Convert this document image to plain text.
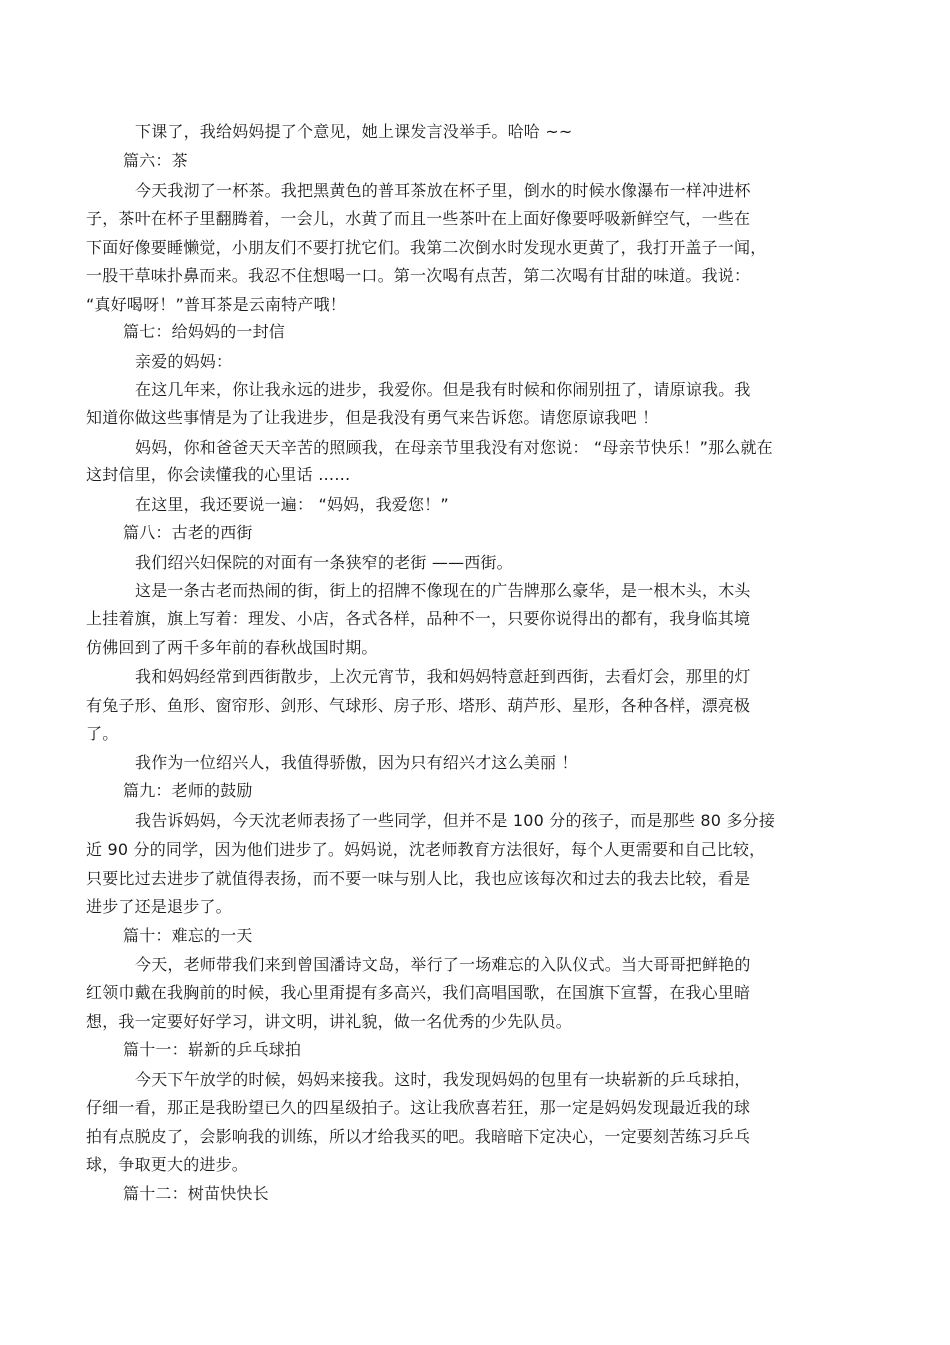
下课了，我给妈妈提了个意见，她上课发言没举手。哈哈 ~~
篇六：茶
今天我沏了一杯茶。我把黑黄色的普耳茶放在杯子里，倒水的时候水像瀑布一样冲进杯
子，茶叶在杯子里翻腾着，一会儿，水黄了而且一些茶叶在上面好像要呼吸新鲜空气，一些在
下面好像要睡懒觉，小朋友们不要打扰它们。我第二次倒水时发现水更黄了，我打开盖子一闻，
一股干草味扑鼻而来。我忍不住想喝一口。第一次喝有点苦，第二次喝有甘甜的味道。我说：
“真好喝呀！”普耳茶是云南特产哦！
篇七：给妈妈的一封信
亲爱的妈妈：
在这几年来，你让我永远的进步，我爱你。但是我有时候和你闹别扭了，请原谅我。我
知道你做这些事情是为了让我进步，但是我没有勇气来告诉您。请您原谅我吧 ！
妈妈，你和爸爸天天辛苦的照顾我，在母亲节里我没有对您说： “母亲节快乐！”那么就在
这封信里，你会读懂我的心里话 ……
在这里，我还要说一遍： “妈妈，我爱您！”
篇八：古老的西街
我们绍兴妇保院的对面有一条狭窄的老街 ——西街。
这是一条古老而热闹的街，街上的招牌不像现在的广告牌那么豪华，是一根木头，木头
上挂着旗，旗上写着：理发、小店，各式各样，品种不一，只要你说得出的都有，我身临其境
仿佛回到了两千多年前的春秋战国时期。
我和妈妈经常到西街散步，上次元宵节，我和妈妈特意赶到西街，去看灯会，那里的灯
有兔子形、鱼形、窗帘形、剑形、气球形、房子形、塔形、葫芦形、星形，各种各样，漂亮极
了。
我作为一位绍兴人，我值得骄傲，因为只有绍兴才这么美丽 ！
篇九：老师的鼓励
我告诉妈妈，今天沈老师表扬了一些同学，但并不是 100 分的孩子，而是那些 80 多分接
近 90 分的同学，因为他们进步了。妈妈说，沈老师教育方法很好，每个人更需要和自己比较，
只要比过去进步了就值得表扬，而不要一味与别人比，我也应该每次和过去的我去比较，看是
进步了还是退步了。
篇十：难忘的一天
今天，老师带我们来到曾国潘诗文岛，举行了一场难忘的入队仪式。当大哥哥把鲜艳的
红领巾戴在我胸前的时候，我心里甭提有多高兴，我们高唱国歌，在国旗下宣誓，在我心里暗
想，我一定要好好学习，讲文明，讲礼貌，做一名优秀的少先队员。
篇十一：崭新的乒乓球拍
今天下午放学的时候，妈妈来接我。这时，我发现妈妈的包里有一块崭新的乒乓球拍，
仔细一看，那正是我盼望已久的四星级拍子。这让我欣喜若狂，那一定是妈妈发现最近我的球
拍有点脱皮了，会影响我的训练，所以才给我买的吧。我暗暗下定决心，一定要刻苦练习乒乓
球，争取更大的进步。
篇十二：树苗快快长
